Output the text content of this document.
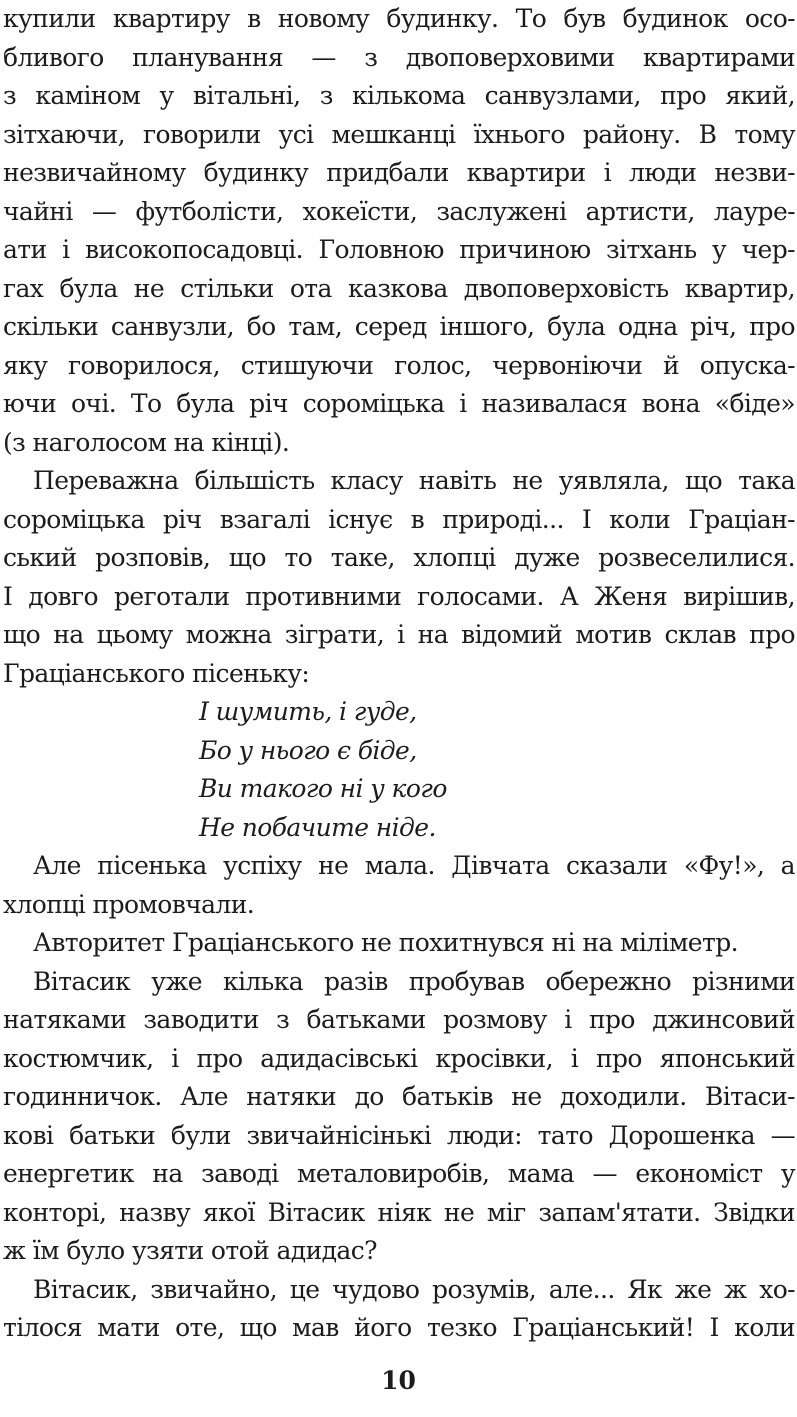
купили квартиру в новому будинку. То був будинок осо-
бливого планування — з двоповерховими квартирами
з каміном у вітальні, з кількома санвузлами, про який,
зітхаючи, говорили усі мешканці їхнього району. В тому
незвичайному будинку придбали квартири і люди незви-
чайні — футболісти, хокеїсти, заслужені артисти, лауре-
ати і високопосадовці. Головною причиною зітхань у чер-
гах була не стільки ота казкова двоповерховість квартир,
скільки санвузли, бо там, серед іншого, була одна річ, про
яку говорилося, стишуючи голос, червоніючи й опуска-
ючи очі. То була річ сороміцька і називалася вона «біде»
(з наголосом на кінці).
Переважна більшість класу навіть не уявляла, що така
сороміцька річ взагалі існує в природі... І коли Граціан-
ський розповів, що то таке, хлопці дуже розвеселилися.
І довго реготали противними голосами. А Женя вирішив,
що на цьому можна зіграти, і на відомий мотив склав про
Граціанського пісеньку:
І шумить, і гуде,
Бо у нього є біде,
Ви такого ні у кого
Не побачите ніде.
Але пісенька успіху не мала. Дівчата сказали «Фу!», а
хлопці промовчали.
Авторитет Граціанського не похитнувся ні на міліметр.
Вітасик уже кілька разів пробував обережно різними
натяками заводити з батьками розмову і про джинсовий
костюмчик, і про адидасівські кросівки, і про японський
годинничок. Але натяки до батьків не доходили. Вітаси-
кові батьки були звичайнісінькі люди: тато Дорошенка —
енергетик на заводі металовиробів, мама — економіст у
конторі, назву якої Вітасик ніяк не міг запам'ятати. Звідки
ж їм було узяти отой адидас?
Вітасик, звичайно, це чудово розумів, але... Як же ж хо-
тілося мати оте, що мав його тезко Граціанський! І коли
10
